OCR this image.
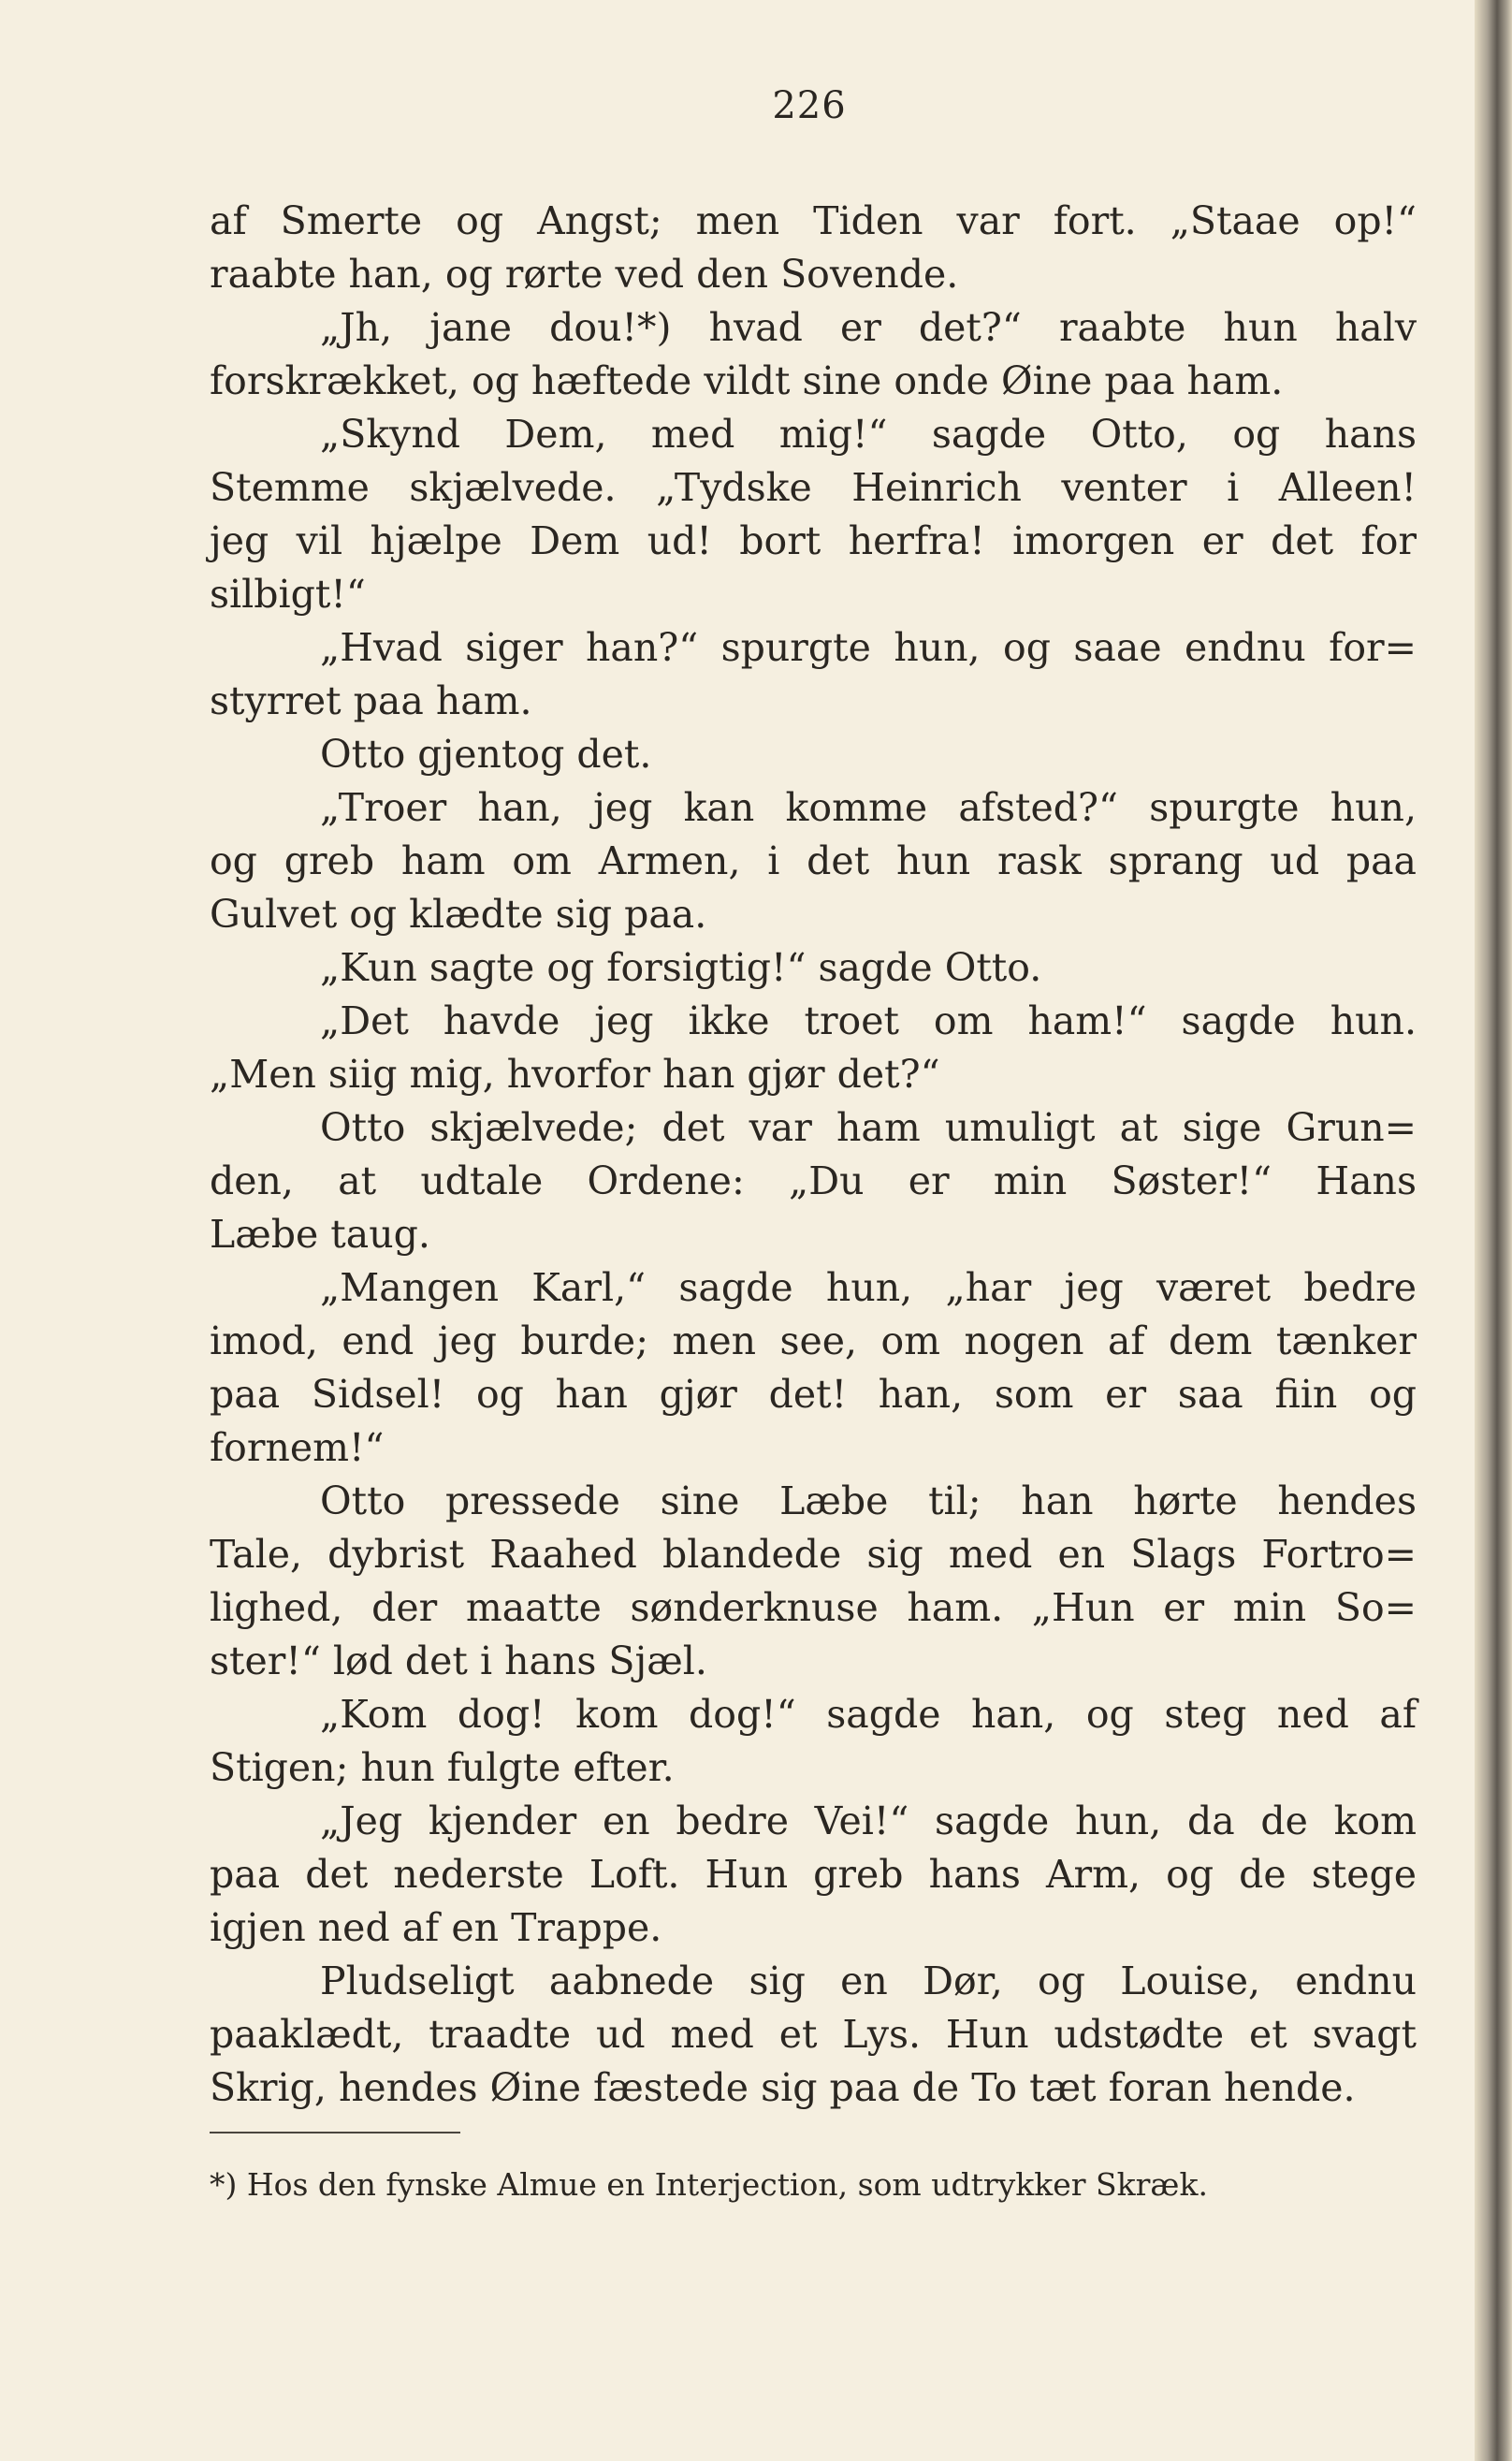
226
af Smerte og Angst; men Tiden var fort. „Staae op!“
raabte han, og rørte ved den Sovende.
„Jh, jane dou!*) hvad er det?“ raabte hun halv
forskrækket, og hæftede vildt sine onde Øine paa ham.
„Skynd Dem, med mig!“ sagde Otto, og hans
Stemme skjælvede. „Tydske Heinrich venter i Alleen!
jeg vil hjælpe Dem ud! bort herfra! imorgen er det for
silbigt!“
„Hvad siger han?“ spurgte hun, og saae endnu for=
styrret paa ham.
Otto gjentog det.
„Troer han, jeg kan komme afsted?“ spurgte hun,
og greb ham om Armen, i det hun rask sprang ud paa
Gulvet og klædte sig paa.
„Kun sagte og forsigtig!“ sagde Otto.
„Det havde jeg ikke troet om ham!“ sagde hun.
„Men siig mig, hvorfor han gjør det?“
Otto skjælvede; det var ham umuligt at sige Grun=
den, at udtale Ordene: „Du er min Søster!“ Hans
Læbe taug.
„Mangen Karl,“ sagde hun, „har jeg været bedre
imod, end jeg burde; men see, om nogen af dem tænker
paa Sidsel! og han gjør det! han, som er saa fiin og
fornem!“
Otto pressede sine Læbe til; han hørte hendes
Tale, dybrist Raahed blandede sig med en Slags Fortro=
lighed, der maatte sønderknuse ham. „Hun er min So=
ster!“ lød det i hans Sjæl.
„Kom dog! kom dog!“ sagde han, og steg ned af
Stigen; hun fulgte efter.
„Jeg kjender en bedre Vei!“ sagde hun, da de kom
paa det nederste Loft. Hun greb hans Arm, og de stege
igjen ned af en Trappe.
Pludseligt aabnede sig en Dør, og Louise, endnu
paaklædt, traadte ud med et Lys. Hun udstødte et svagt
Skrig, hendes Øine fæstede sig paa de To tæt foran hende.
*) Hos den fynske Almue en Interjection, som udtrykker Skræk.
